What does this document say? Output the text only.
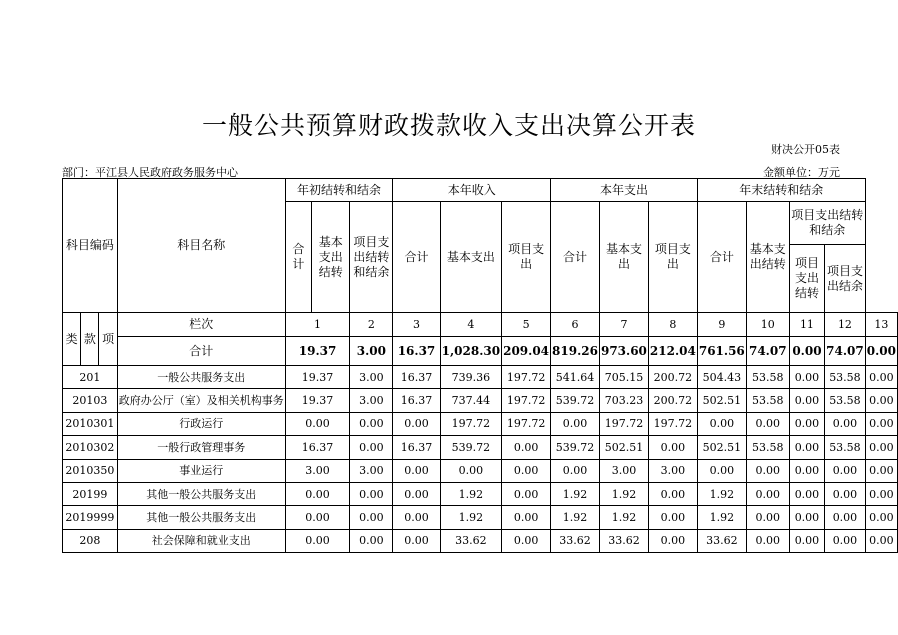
一般公共预算财政拨款收入支出决算公开表
财决公开05表
部门：平江县人民政府政务服务中心	金额单位：万元
科目编码			科目名称	年初结转和结余			本年收入			本年支出			年末结转和结余				
				合计	基本支出结转	项目支出结转和结余	合计	基本支出	项目支出	合计	基本支出	项目支出	合计	基本支出结转	项目支出结转和结余		
															项目支出结转	项目支出结余	
类	款	项	栏次	1		2	3	4	5	6	7	8	9	10	11	12	13
			合计	19.37		3.00	16.37	1,028.30	209.04	819.26	973.60	212.04	761.56	74.07	0.00	74.07	0.00
201			一般公共服务支出	19.37		3.00	16.37	739.36	197.72	541.64	705.15	200.72	504.43	53.58	0.00	53.58	0.00
20103			政府办公厅（室）及相关机构事务	19.37		3.00	16.37	737.44	197.72	539.72	703.23	200.72	502.51	53.58	0.00	53.58	0.00
2010301			行政运行	0.00		0.00	0.00	197.72	197.72	0.00	197.72	197.72	0.00	0.00	0.00	0.00	0.00
2010302			一般行政管理事务	16.37		0.00	16.37	539.72	0.00	539.72	502.51	0.00	502.51	53.58	0.00	53.58	0.00
2010350			事业运行	3.00		3.00	0.00	0.00	0.00	0.00	3.00	3.00	0.00	0.00	0.00	0.00	0.00
20199			其他一般公共服务支出	0.00		0.00	0.00	1.92	0.00	1.92	1.92	0.00	1.92	0.00	0.00	0.00	0.00
2019999			其他一般公共服务支出	0.00		0.00	0.00	1.92	0.00	1.92	1.92	0.00	1.92	0.00	0.00	0.00	0.00
208			社会保障和就业支出	0.00		0.00	0.00	33.62	0.00	33.62	33.62	0.00	33.62	0.00	0.00	0.00	0.00
